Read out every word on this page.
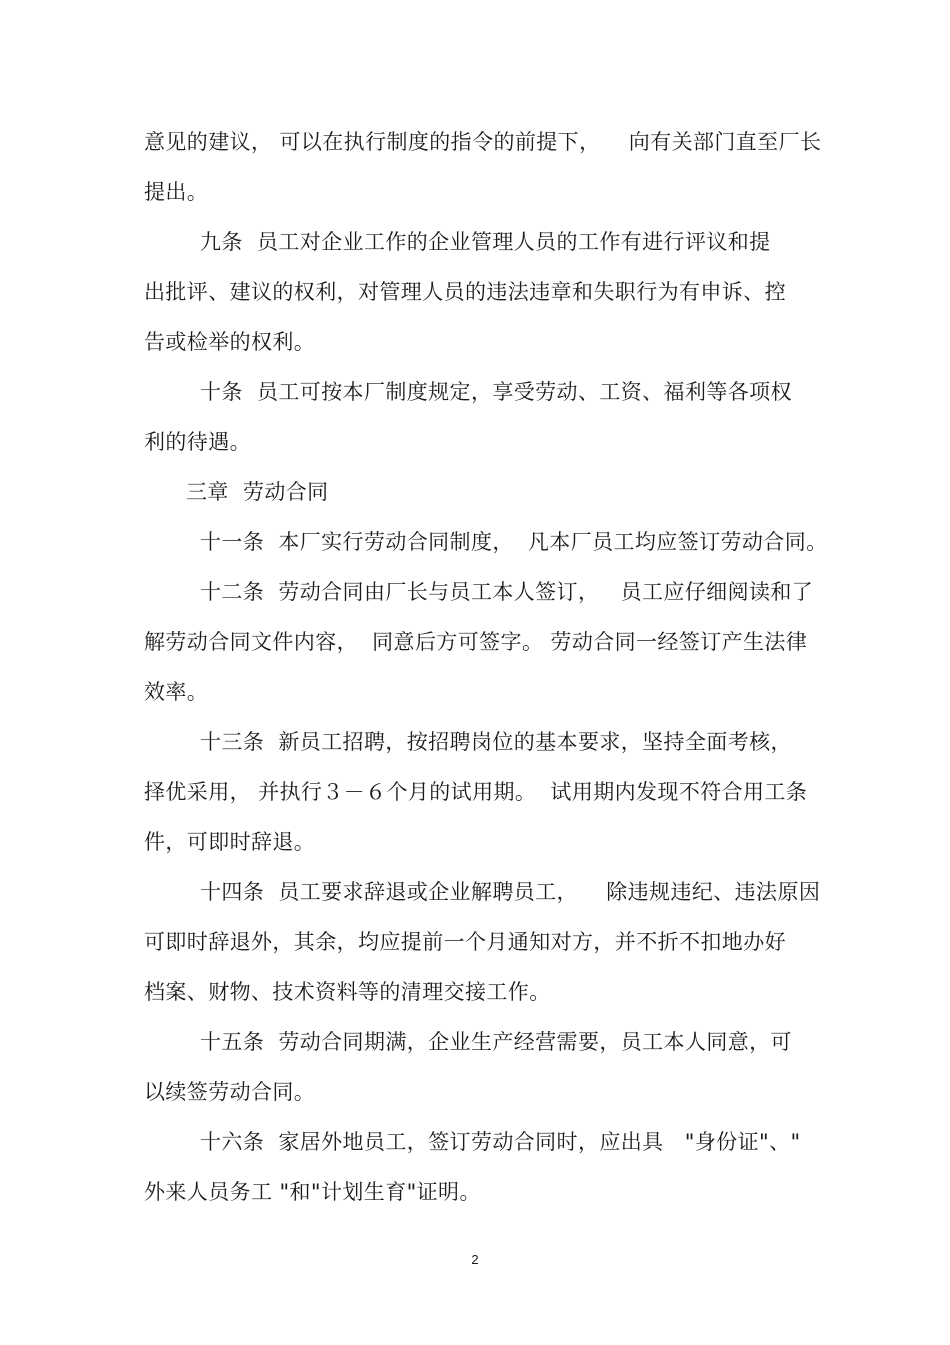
意见的建议， 可以在执行制度的指令的前提下，    向有关部门直至厂长
提出。
九条  员工对企业工作的企业管理人员的工作有进行评议和提
出批评、建议的权利，对管理人员的违法违章和失职行为有申诉、控
告或检举的权利。
十条  员工可按本厂制度规定，享受劳动、工资、福利等各项权
利的待遇。
三章  劳动合同
十一条  本厂实行劳动合同制度，  凡本厂员工均应签订劳动合同。
十二条  劳动合同由厂长与员工本人签订，   员工应仔细阅读和了
解劳动合同文件内容，  同意后方可签字。 劳动合同一经签订产生法律
效率。
十三条  新员工招聘，按招聘岗位的基本要求，坚持全面考核，
择优采用， 并执行３－６个月的试用期。  试用期内发现不符合用工条
件，可即时辞退。
十四条  员工要求辞退或企业解聘员工，    除违规违纪、违法原因
可即时辞退外，其余，均应提前一个月通知对方，并不折不扣地办好
档案、财物、技术资料等的清理交接工作。
十五条  劳动合同期满，企业生产经营需要，员工本人同意，可
以续签劳动合同。
十六条  家居外地员工，签订劳动合同时，应出具   "身份证"、"
外来人员务工 "和"计划生育"证明。
2
